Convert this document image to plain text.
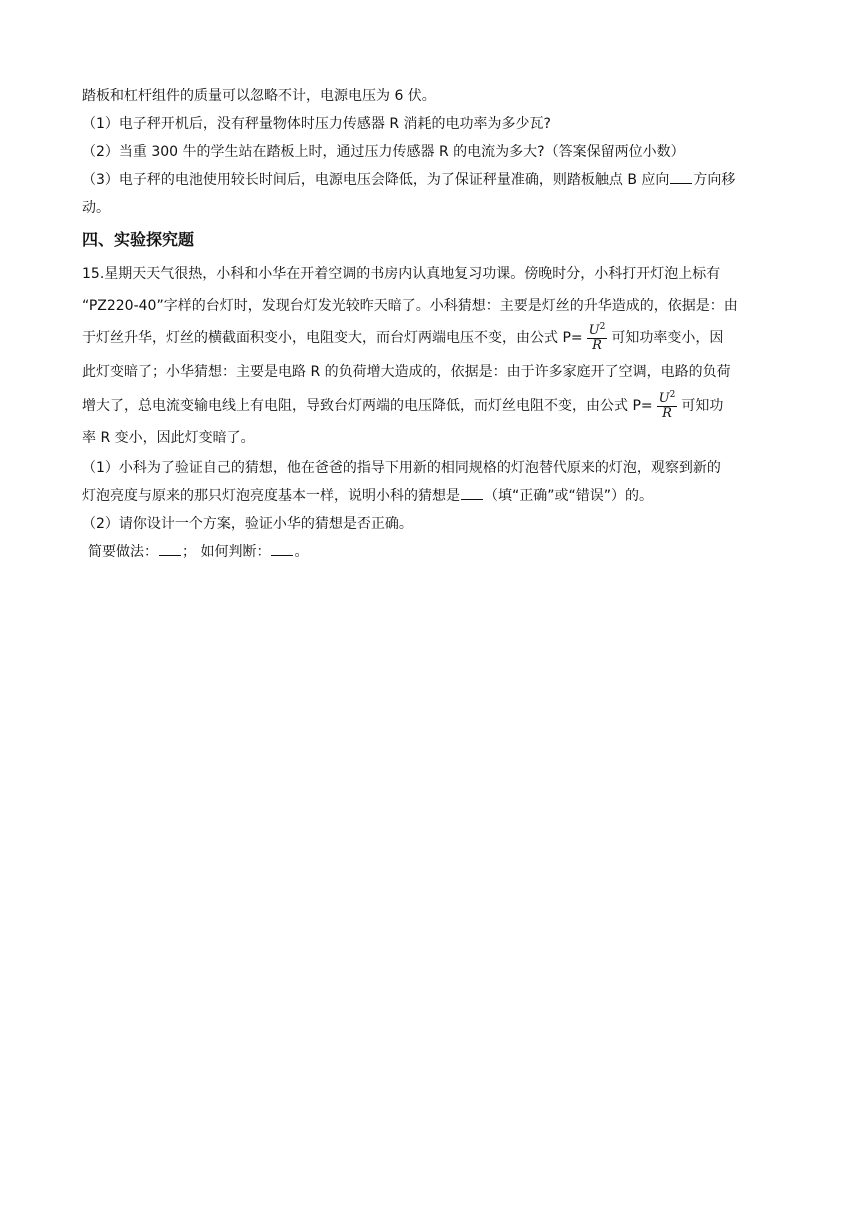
踏板和杠杆组件的质量可以忽略不计，电源电压为 6 伏。
（1）电子秤开机后，没有秤量物体时压力传感器 R 消耗的电功率为多少瓦?
（2）当重 300 牛的学生站在踏板上时，通过压力传感器 R 的电流为多大?（答案保留两位小数）
（3）电子秤的电池使用较长时间后，电源电压会降低，为了保证秤量准确，则踏板触点 B 应向 方向移
动。
四、实验探究题
15.星期天天气很热，小科和小华在开着空调的书房内认真地复习功课。傍晚时分，小科打开灯泡上标有
“PZ220-40”字样的台灯时，发现台灯发光较昨天暗了。小科猜想：主要是灯丝的升华造成的，依据是：由
于灯丝升华，灯丝的横截面积变小，电阻变大，而台灯两端电压不变，由公式 $P= \frac{U^2}{R}$ 可知功率变小，因
此灯变暗了；小华猜想：主要是电路 R 的负荷增大造成的，依据是：由于许多家庭开了空调，电路的负荷
增大了，总电流变输电线上有电阻，导致台灯两端的电压降低，而灯丝电阻不变，由公式 $P= \frac{U^2}{R}$ 可知功
率 R 变小，因此灯变暗了。
（1）小科为了验证自己的猜想，他在爸爸的指导下用新的相同规格的灯泡替代原来的灯泡，观察到新的
灯泡亮度与原来的那只灯泡亮度基本一样，说明小科的猜想是 （填“正确”或“错误”）的。
（2）请你设计一个方案，验证小华的猜想是否正确。
简要做法： ； 如何判断： 。
